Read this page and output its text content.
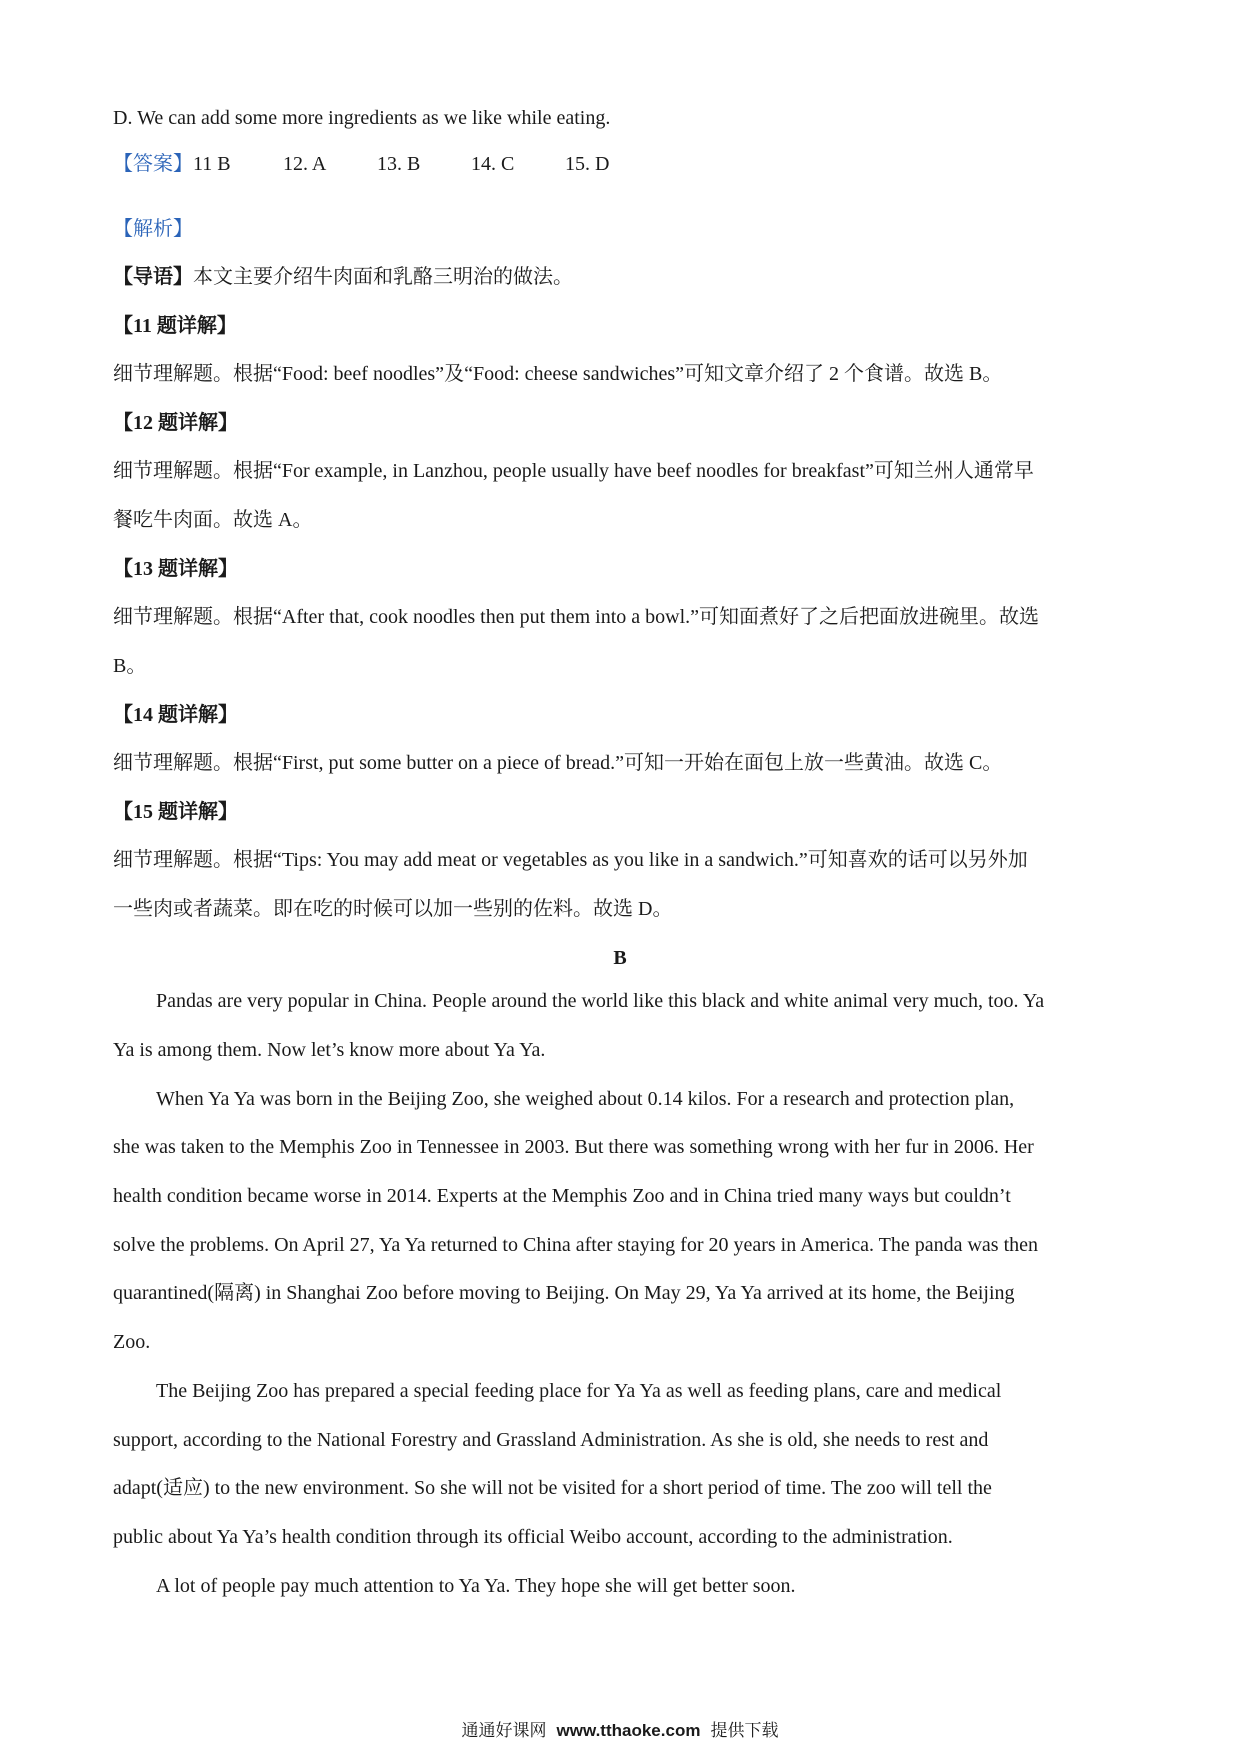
D. We can add some more ingredients as we like while eating.
【答案】11 B	12. A	13. B	14. C	15. D
【解析】
【导语】本文主要介绍牛肉面和乳酪三明治的做法。
【11 题详解】
细节理解题。根据“Food: beef noodles”及“Food: cheese sandwiches”可知文章介绍了 2 个食谱。故选 B。
【12 题详解】
细节理解题。根据“For example, in Lanzhou, people usually have beef noodles for breakfast”可知兰州人通常早
餐吃牛肉面。故选 A。
【13 题详解】
细节理解题。根据“After that, cook noodles then put them into a bowl.”可知面煮好了之后把面放进碗里。故选
B。
【14 题详解】
细节理解题。根据“First, put some butter on a piece of bread.”可知一开始在面包上放一些黄油。故选 C。
【15 题详解】
细节理解题。根据“Tips: You may add meat or vegetables as you like in a sandwich.”可知喜欢的话可以另外加
一些肉或者蔬菜。即在吃的时候可以加一些别的佐料。故选 D。
B
Pandas are very popular in China. People around the world like this black and white animal very much, too. Ya
Ya is among them. Now let’s know more about Ya Ya.
When Ya Ya was born in the Beijing Zoo, she weighed about 0.14 kilos. For a research and protection plan,
she was taken to the Memphis Zoo in Tennessee in 2003. But there was something wrong with her fur in 2006. Her
health condition became worse in 2014. Experts at the Memphis Zoo and in China tried many ways but couldn’t
solve the problems. On April 27, Ya Ya returned to China after staying for 20 years in America. The panda was then
quarantined(隔离) in Shanghai Zoo before moving to Beijing. On May 29, Ya Ya arrived at its home, the Beijing
Zoo.
The Beijing Zoo has prepared a special feeding place for Ya Ya as well as feeding plans, care and medical
support, according to the National Forestry and Grassland Administration. As she is old, she needs to rest and
adapt(适应) to the new environment. So she will not be visited for a short period of time. The zoo will tell the
public about Ya Ya’s health condition through its official Weibo account, according to the administration.
A lot of people pay much attention to Ya Ya. They hope she will get better soon.
通通好课网 www.tthaoke.com 提供下载
